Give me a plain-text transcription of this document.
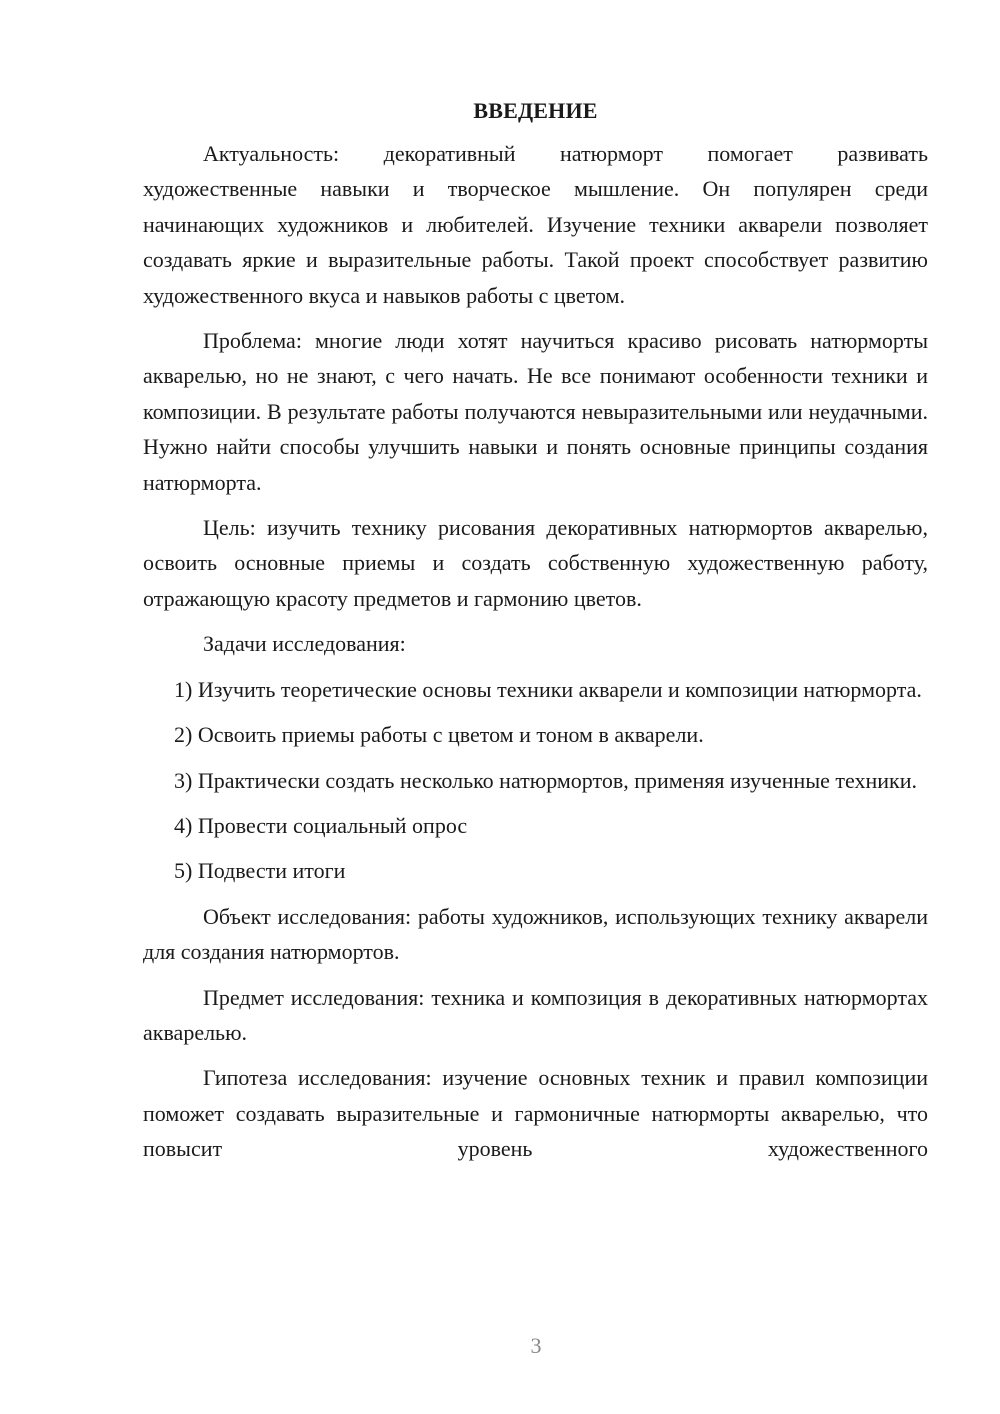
ВВЕДЕНИЕ

Актуальность: декоративный натюрморт помогает развивать художественные навыки и творческое мышление. Он популярен среди начинающих художников и любителей. Изучение техники акварели позволяет создавать яркие и выразительные работы. Такой проект способствует развитию художественного вкуса и навыков работы с цветом.

Проблема: многие люди хотят научиться красиво рисовать натюрморты акварелью, но не знают, с чего начать. Не все понимают особенности техники и композиции. В результате работы получаются невыразительными или неудачными. Нужно найти способы улучшить навыки и понять основные принципы создания натюрморта.

Цель: изучить технику рисования декоративных натюрмортов акварелью, освоить основные приемы и создать собственную художественную работу, отражающую красоту предметов и гармонию цветов.

Задачи исследования:

1) Изучить теоретические основы техники акварели и композиции натюрморта.

2) Освоить приемы работы с цветом и тоном в акварели.

3) Практически создать несколько натюрмортов, применяя изученные техники.

4) Провести социальный опрос

5) Подвести итоги

Объект исследования: работы художников, использующих технику акварели для создания натюрмортов.

Предмет исследования: техника и композиция в декоративных натюрмортах акварелью.

Гипотеза исследования: изучение основных техник и правил композиции поможет создавать выразительные и гармоничные натюрморты акварелью, что повысит уровень художественного

3
